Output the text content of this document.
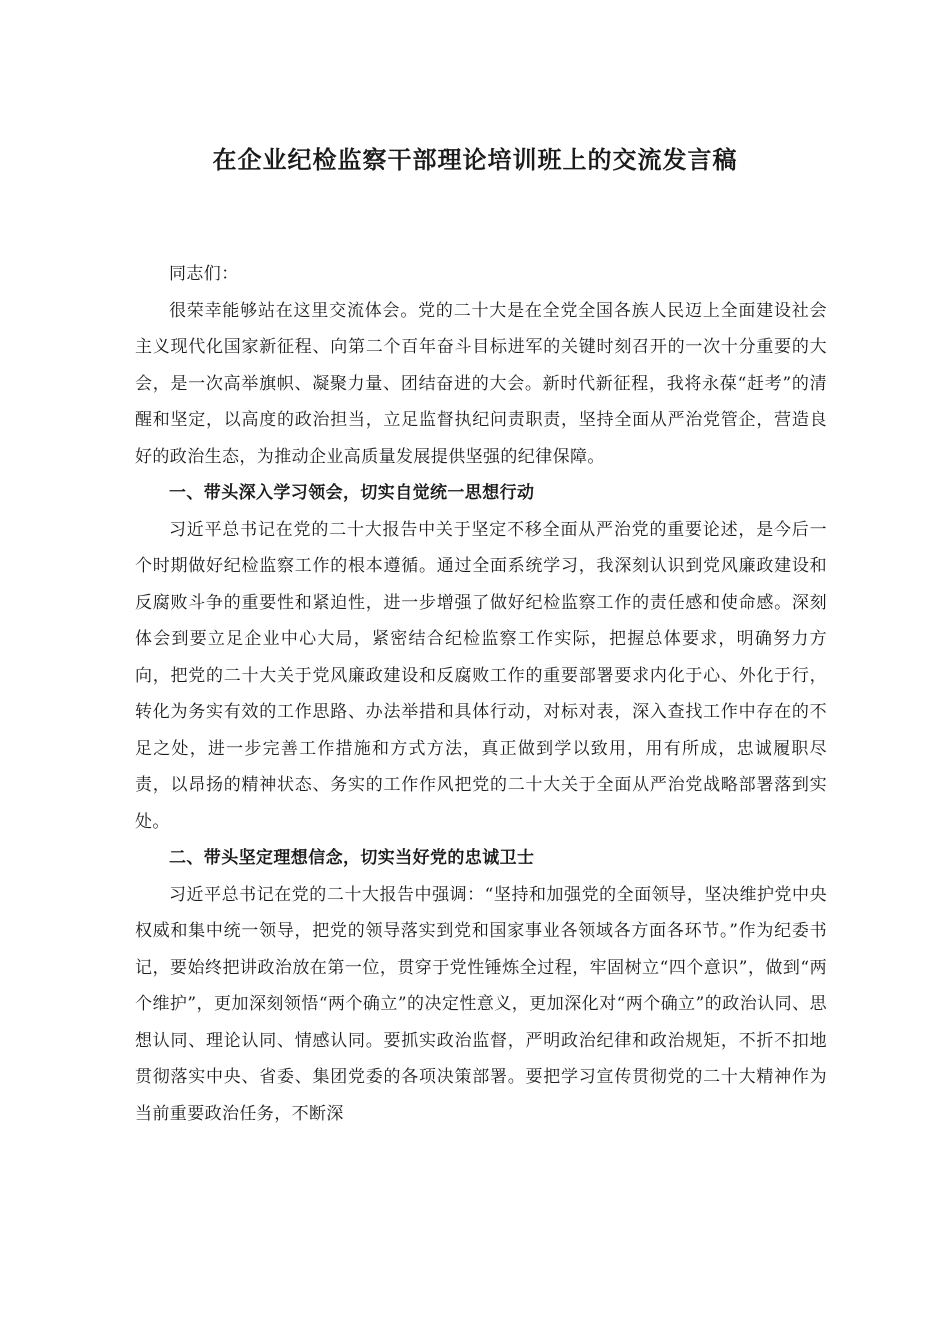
在企业纪检监察干部理论培训班上的交流发言稿

同志们：

很荣幸能够站在这里交流体会。党的二十大是在全党全国各族人民迈上全面建设社会主义现代化国家新征程、向第二个百年奋斗目标进军的关键时刻召开的一次十分重要的大会，是一次高举旗帜、凝聚力量、团结奋进的大会。新时代新征程，我将永葆“赶考”的清醒和坚定，以高度的政治担当，立足监督执纪问责职责，坚持全面从严治党管企，营造良好的政治生态，为推动企业高质量发展提供坚强的纪律保障。

一、带头深入学习领会，切实自觉统一思想行动

习近平总书记在党的二十大报告中关于坚定不移全面从严治党的重要论述，是今后一个时期做好纪检监察工作的根本遵循。通过全面系统学习，我深刻认识到党风廉政建设和反腐败斗争的重要性和紧迫性，进一步增强了做好纪检监察工作的责任感和使命感。深刻体会到要立足企业中心大局，紧密结合纪检监察工作实际，把握总体要求，明确努力方向，把党的二十大关于党风廉政建设和反腐败工作的重要部署要求内化于心、外化于行，转化为务实有效的工作思路、办法举措和具体行动，对标对表，深入查找工作中存在的不足之处，进一步完善工作措施和方式方法，真正做到学以致用，用有所成，忠诚履职尽责，以昂扬的精神状态、务实的工作作风把党的二十大关于全面从严治党战略部署落到实处。

二、带头坚定理想信念，切实当好党的忠诚卫士

习近平总书记在党的二十大报告中强调：“坚持和加强党的全面领导，坚决维护党中央权威和集中统一领导，把党的领导落实到党和国家事业各领域各方面各环节。”作为纪委书记，要始终把讲政治放在第一位，贯穿于党性锤炼全过程，牢固树立“四个意识”，做到“两个维护”，更加深刻领悟“两个确立”的决定性意义，更加深化对“两个确立”的政治认同、思想认同、理论认同、情感认同。要抓实政治监督，严明政治纪律和政治规矩，不折不扣地贯彻落实中央、省委、集团党委的各项决策部署。要把学习宣传贯彻党的二十大精神作为当前重要政治任务，不断深
